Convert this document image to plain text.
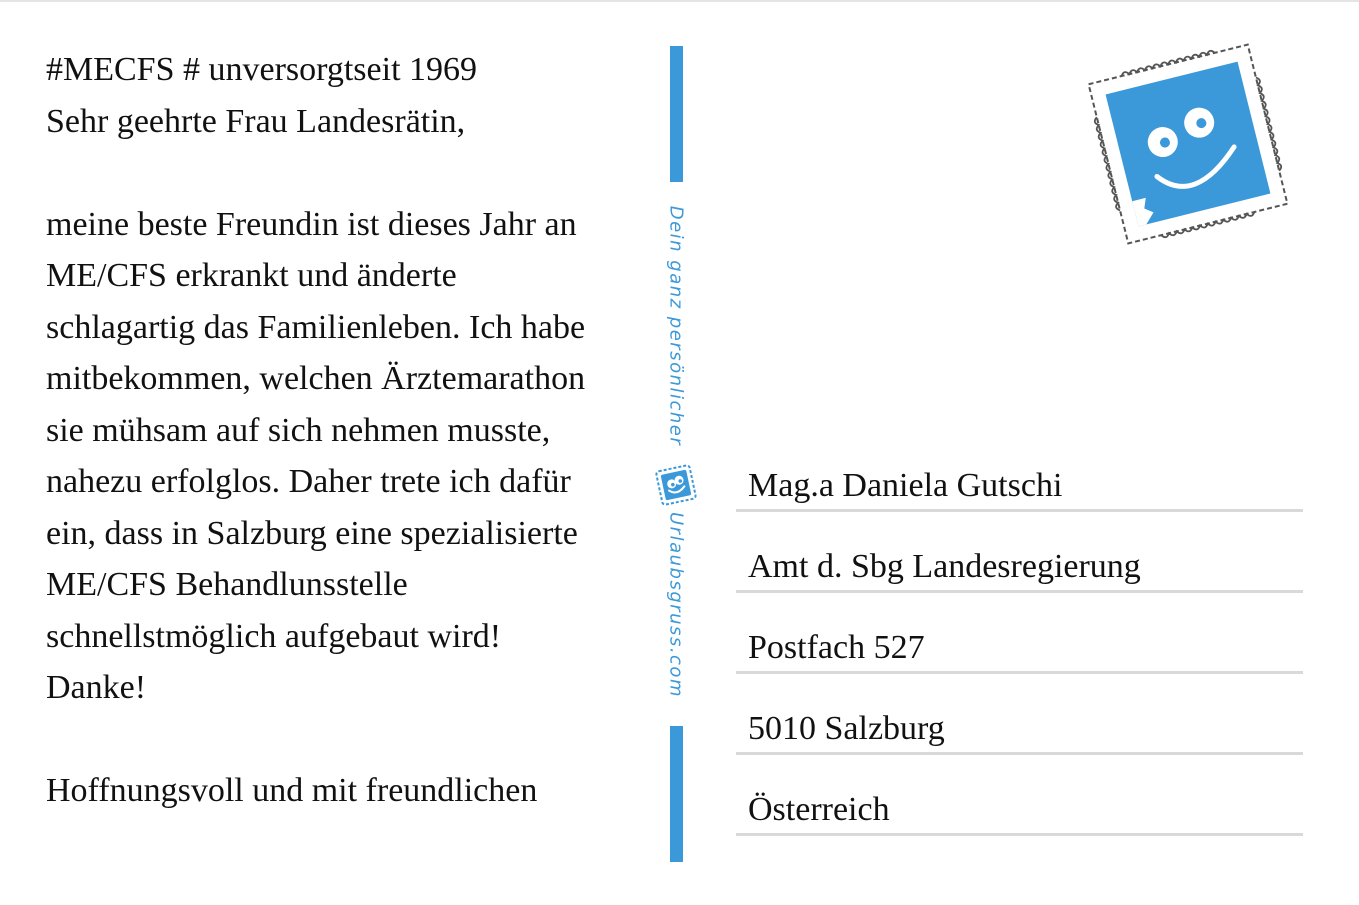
#MECFS # unversorgtseit 1969
Sehr geehrte Frau Landesrätin,
meine beste Freundin ist dieses Jahr an
ME/CFS erkrankt und änderte
schlagartig das Familienleben. Ich habe
mitbekommen, welchen Ärztemarathon
sie mühsam auf sich nehmen musste,
nahezu erfolglos. Daher trete ich dafür
ein, dass in Salzburg eine spezialisierte
ME/CFS Behandlunsstelle
schnellstmöglich aufgebaut wird!
Danke!
Hoffnungsvoll und mit freundlichen
Dein ganz persönlicher
Urlaubsgruss.com
Mag.a Daniela Gutschi
Amt d. Sbg Landesregierung
Postfach 527
5010 Salzburg
Österreich
